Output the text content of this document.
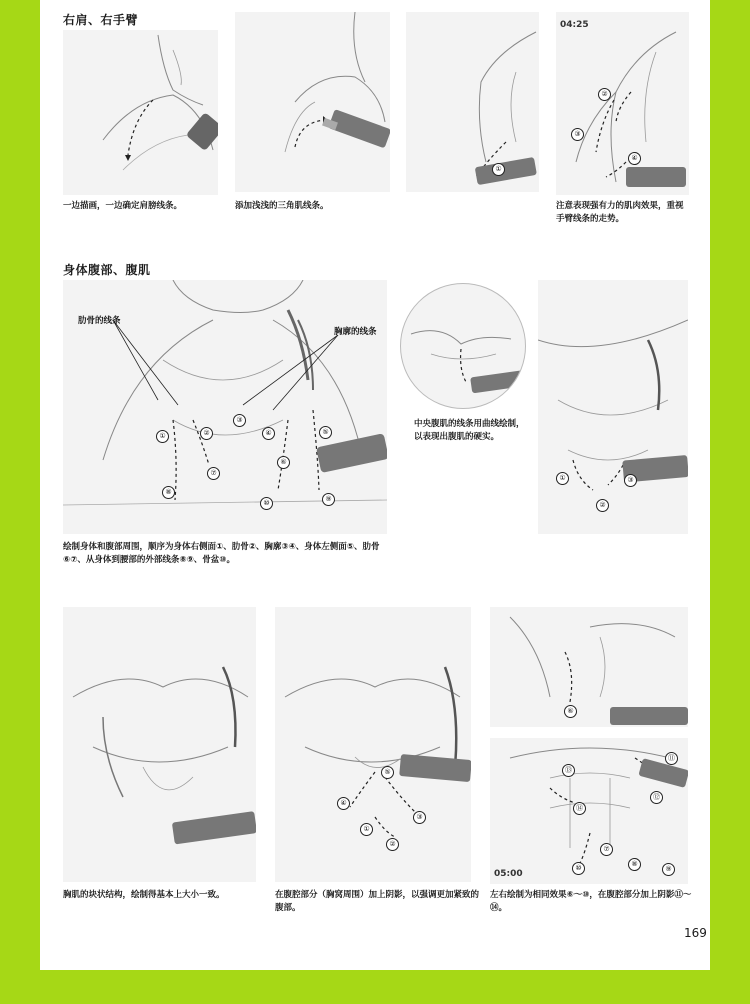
右肩、右手臂
①
04:25
②
③
④
一边描画，一边确定肩膀线条。	添加浅浅的三角肌线条。	注意表现强有力的肌肉效果，重视手臂线条的走势。
身体腹部、腹肌
肋骨的线条
胸廓的线条
①	②
③
④	⑤
⑥
⑦
⑧
⑨
⑩
绘制身体和腹部周围，顺序为身体右侧面①、肋骨②、胸廓③④、身体左侧面⑤、肋骨⑥⑦、从身体到腰部的外部线条⑧⑨、骨盆⑩。
中央腹肌的线条用曲线绘制，以表现出腹肌的硬实。
①
②
③
胸肌的块状结构，绘制得基本上大小一致。
⑤
④
③
①
②
在腹腔部分（胸窝周围）加上阴影，以强调更加紧致的腹部。
⑥
⑪
⑬
⑫
⑭
⑦
⑧
⑨
⑩
05:00
左右绘制为相同效果⑥～⑩，在腹腔部分加上阴影⑪～⑭。
169
